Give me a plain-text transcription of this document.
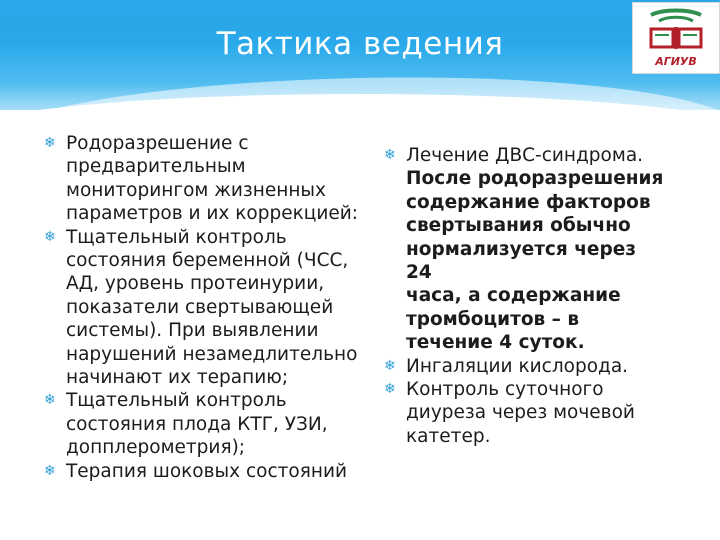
Тактика ведения	АГИУВ
❄ Родоразрешение с
предварительным
мониторингом жизненных
параметров и их коррекцией:
❄ Тщательный контроль
состояния беременной (ЧСС,
АД, уровень протеинурии,
показатели свертывающей
системы). При выявлении
нарушений незамедлительно
начинают их терапию;
❄ Тщательный контроль
состояния плода КТГ, УЗИ,
допплерометрия);
❄ Терапия шоковых состояний
❄ Лечение ДВС-синдрома.
После родоразрешения
содержание факторов
свертывания обычно
нормализуется через 24
часа, а содержание
тромбоцитов – в
течение 4 суток.
❄ Ингаляции кислорода.
❄ Контроль суточного
диуреза через мочевой
катетер.
